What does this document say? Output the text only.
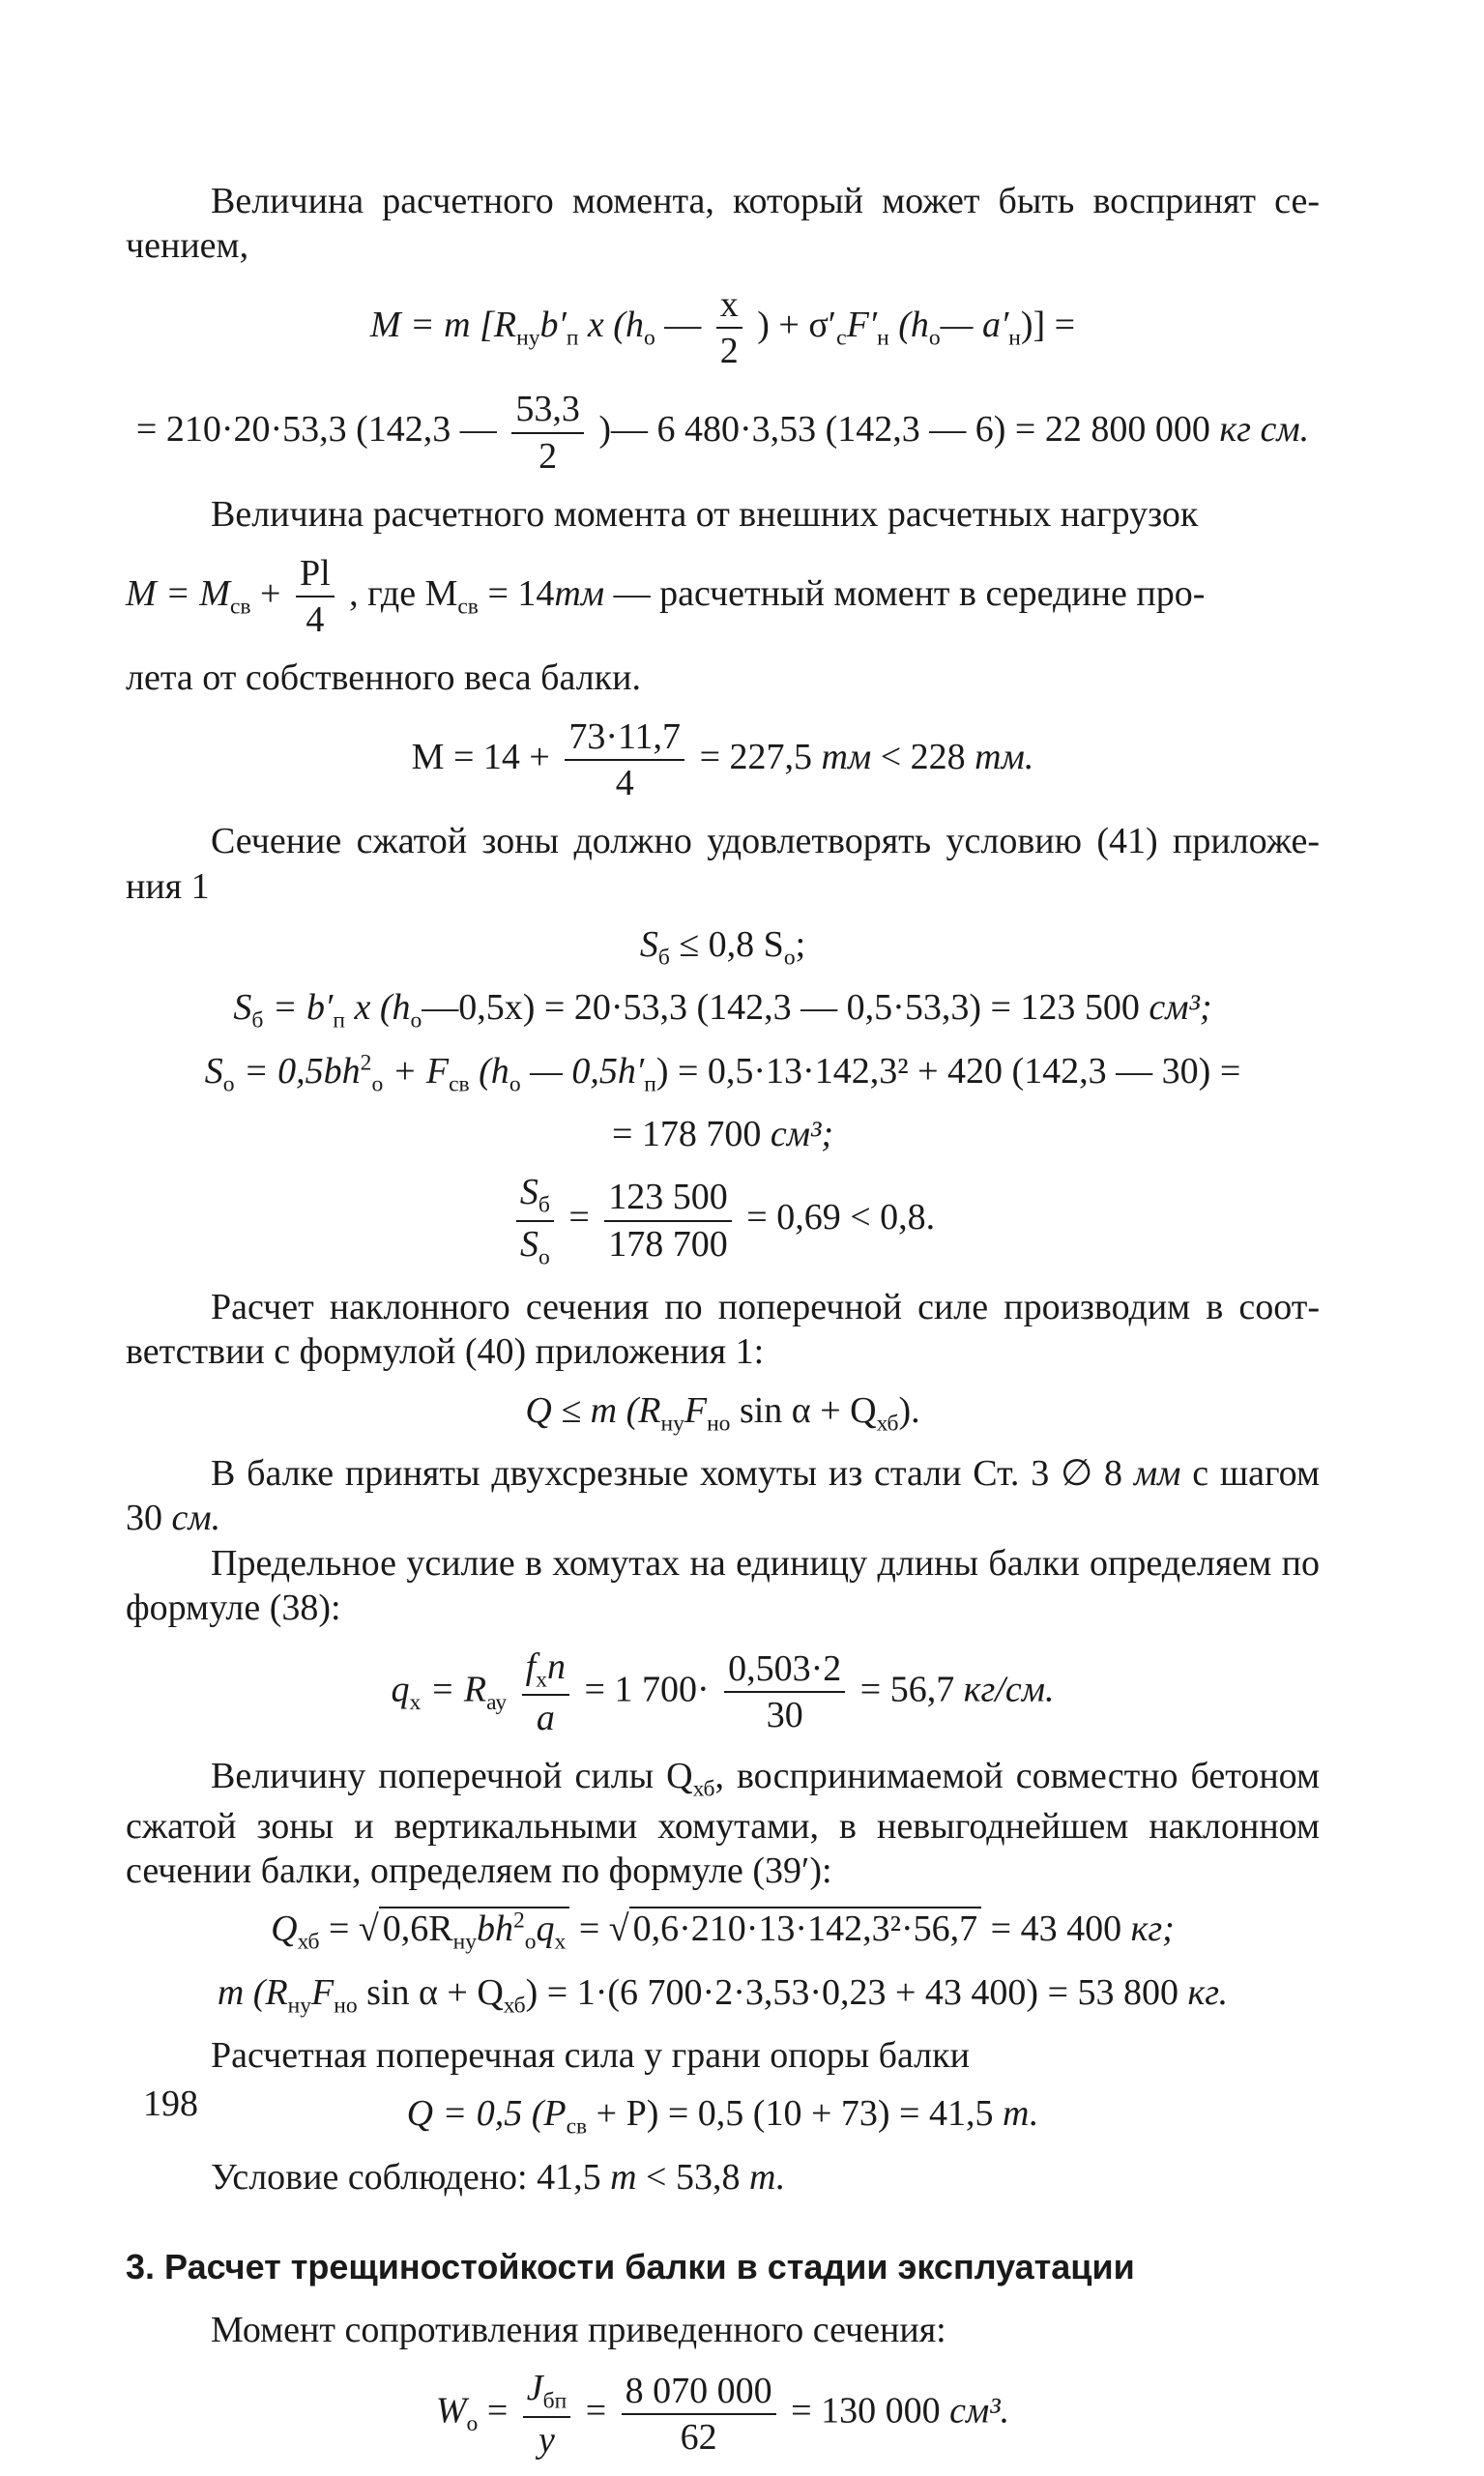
Величина расчетного момента, который может быть воспринят се-чением,

M = m [$R_{ну}b'_п$ x ($h_о$ — $\frac{x}{2}$ ) + $\sigma'_сF'_н$ ($h_о—$ $a'_н$)] =
= 210·20·53,3 (142,3 — $\frac{53,3}{2}$ )— 6 480·3,53 (142,3 — 6) = 22 800 000 кг см.

Величина расчетного момента от внешних расчетных нагрузок

$M = M_{св} + \frac{Pl}{4}$ , где $M_{св} = 14тм$ — расчетный момент в середине про-
лета от собственного веса балки.
$M = 14 + \frac{73\cdot 11,7}{4} = 227,5$ тм < 228 тм.

Сечение сжатой зоны должно удовлетворять условию (41) приложе-ния 1

$S_б \le 0,8$ $S_о$;
$S_б = b'_п$ x $(h_о—0,5x) = 20\cdot 53,3$ (142,3 — 0,5·53,3) = 123 500 см³;
$S_о = 0,5bh^2_о + F_{св}$ ($h_о$ — $0,5h'_п) = 0,5\cdot 13\cdot 142,3^2 + 420$ (142,3 — 30) =
= 178 700 см³;
$S_б$
$S_о$
= $\frac{123 500}{178 700} = 0,69 < 0,8$.

Расчет наклонного сечения по поперечной силе производим в соот-ветствии с формулой (40) приложения 1:

Q ≤ m ($R_{ну}F_{но}$ $\sin \alpha + Q_{хб}$).

В балке приняты двухсрезные хомуты из стали Ст. 3 ∅ 8 мм с шагом 30 см.

Предельное усилие в хомутах на единицу длины балки определяем по формуле (38):

$q_х = R_{ау}$
$f_хn$
a
= 1 $700\cdot \frac{0,503\cdot 2}{30} = 56,7$ кг/см.

Величину поперечной силы $Q_{хб}$, воспринимаемой совместно бетоном сжатой зоны и вертикальными хомутами, в невыгоднейшем наклонном сечении балки, определяем по формуле (39′):

$Q_{хб}$ = √ $0,6R_{ну}bh^2_оq_х$ = √ 0,6·210·13·142,3²·56,7 = 43 400 кг;
m ($R_{ну}F_{но}$ $\sin \alpha + Q_{хб}) = 1\cdot(6$ 700·2·3,53·0,23 + 43 400) = 53 800 кг.

Расчетная поперечная сила у грани опоры балки

Q = 0,5 $(P_{св} + P) = 0,5$ (10 + 73) = 41,5 т.

Условие соблюдено: 41,5 т < 53,8 т.

3. Расчет трещиностойкости балки в стадии эксплуатации

Момент сопротивления приведенного сечения:

$W_о$ =
$J_{бп}$
y
= $\frac{8 070 000}{62} = 130$ 000 см³.
198
